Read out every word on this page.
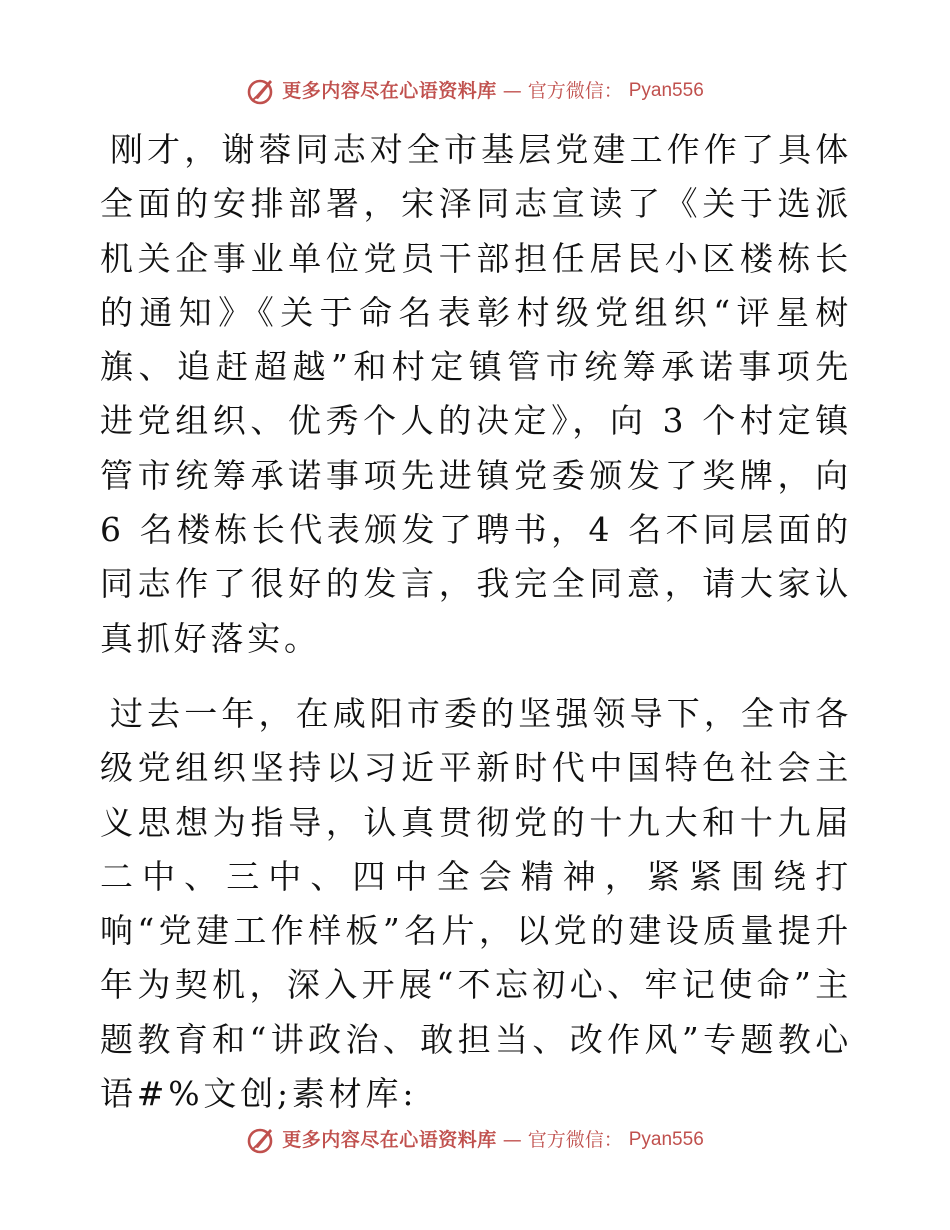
更多内容尽在心语资料库 — 官方微信： Pyan556

刚才，谢蓉同志对全市基层党建工作作了具体全面的安排部署，宋泽同志宣读了《关于选派机关企事业单位党员干部担任居民小区楼栋长的通知》《关于命名表彰村级党组织“评星树旗、追赶超越”和村定镇管市统筹承诺事项先进党组织、优秀个人的决定》，向 3 个村定镇管市统筹承诺事项先进镇党委颁发了奖牌，向 6 名楼栋长代表颁发了聘书，4 名不同层面的同志作了很好的发言，我完全同意，请大家认真抓好落实。

过去一年，在咸阳市委的坚强领导下，全市各级党组织坚持以习近平新时代中国特色社会主义思想为指导，认真贯彻党的十九大和十九届二中、三中、四中全会精神，紧紧围绕打响“党建工作样板”名片，以党的建设质量提升年为契机，深入开展“不忘初心、牢记使命”主题教育和“讲政治、敢担当、改作风”专题教心语#%文创;素材库:

更多内容尽在心语资料库 — 官方微信： Pyan556
